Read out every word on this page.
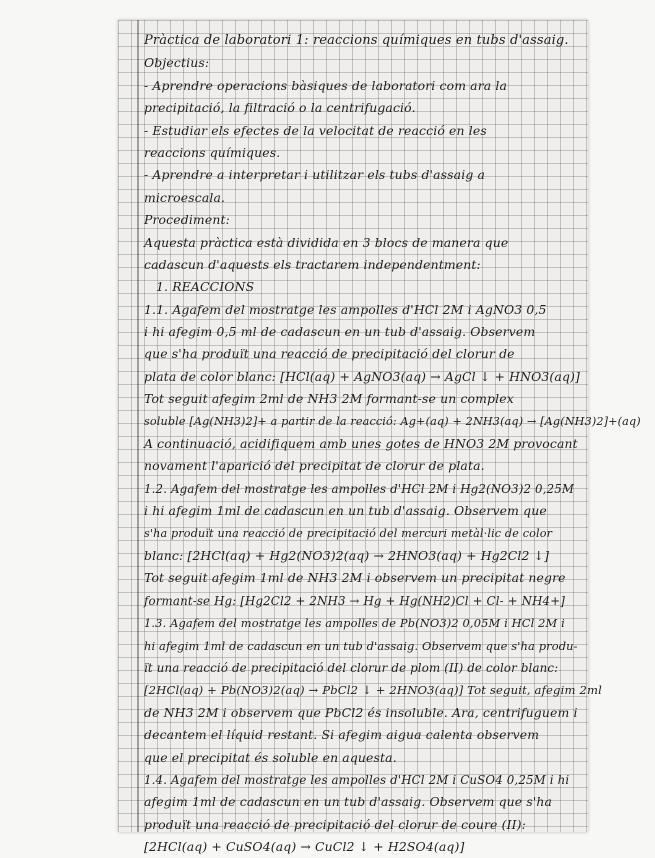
Pràctica de laboratori 1: reaccions químiques en tubs d'assaig.
Objectius:
- Aprendre operacions bàsiques de laboratori com ara la
precipitació, la filtració o la centrifugació.
- Estudiar els efectes de la velocitat de reacció en les
reaccions químiques.
- Aprendre a interpretar i utilitzar els tubs d'assaig a
microescala.
Procediment:
Aquesta pràctica està dividida en 3 blocs de manera que
cadascun d'aquests els tractarem independentment:
1. REACCIONS
1.1. Agafem del mostratge les ampolles d'HCl 2M i AgNO3 0,5
i hi afegim 0,5 ml de cadascun en un tub d'assaig. Observem
que s'ha produït una reacció de precipitació del clorur de
plata de color blanc: [HCl(aq) + AgNO3(aq) → AgCl ↓ + HNO3(aq)]
Tot seguit afegim 2ml de NH3 2M formant-se un complex
soluble [Ag(NH3)2]+ a partir de la reacció: Ag+(aq) + 2NH3(aq) → [Ag(NH3)2]+(aq)
A continuació, acidifiquem amb unes gotes de HNO3 2M provocant
novament l'aparició del precipitat de clorur de plata.
1.2. Agafem del mostratge les ampolles d'HCl 2M i Hg2(NO3)2 0,25M
i hi afegim 1ml de cadascun en un tub d'assaig. Observem que
s'ha produït una reacció de precipitació del mercuri metàl·lic de color
blanc: [2HCl(aq) + Hg2(NO3)2(aq) → 2HNO3(aq) + Hg2Cl2 ↓]
Tot seguit afegim 1ml de NH3 2M i observem un precipitat negre
formant-se Hg: [Hg2Cl2 + 2NH3 → Hg + Hg(NH2)Cl + Cl- + NH4+]
1.3. Agafem del mostratge les ampolles de Pb(NO3)2 0,05M i HCl 2M i
hi afegim 1ml de cadascun en un tub d'assaig. Observem que s'ha produ-
ït una reacció de precipitació del clorur de plom (II) de color blanc:
[2HCl(aq) + Pb(NO3)2(aq) → PbCl2 ↓ + 2HNO3(aq)] Tot seguit, afegim 2ml
de NH3 2M i observem que PbCl2 és insoluble. Ara, centrifuguem i
decantem el líquid restant. Si afegim aigua calenta observem
que el precipitat és soluble en aquesta.
1.4. Agafem del mostratge les ampolles d'HCl 2M i CuSO4 0,25M i hi
afegim 1ml de cadascun en un tub d'assaig. Observem que s'ha
produït una reacció de precipitació del clorur de coure (II):
[2HCl(aq) + CuSO4(aq) → CuCl2 ↓ + H2SO4(aq)]
